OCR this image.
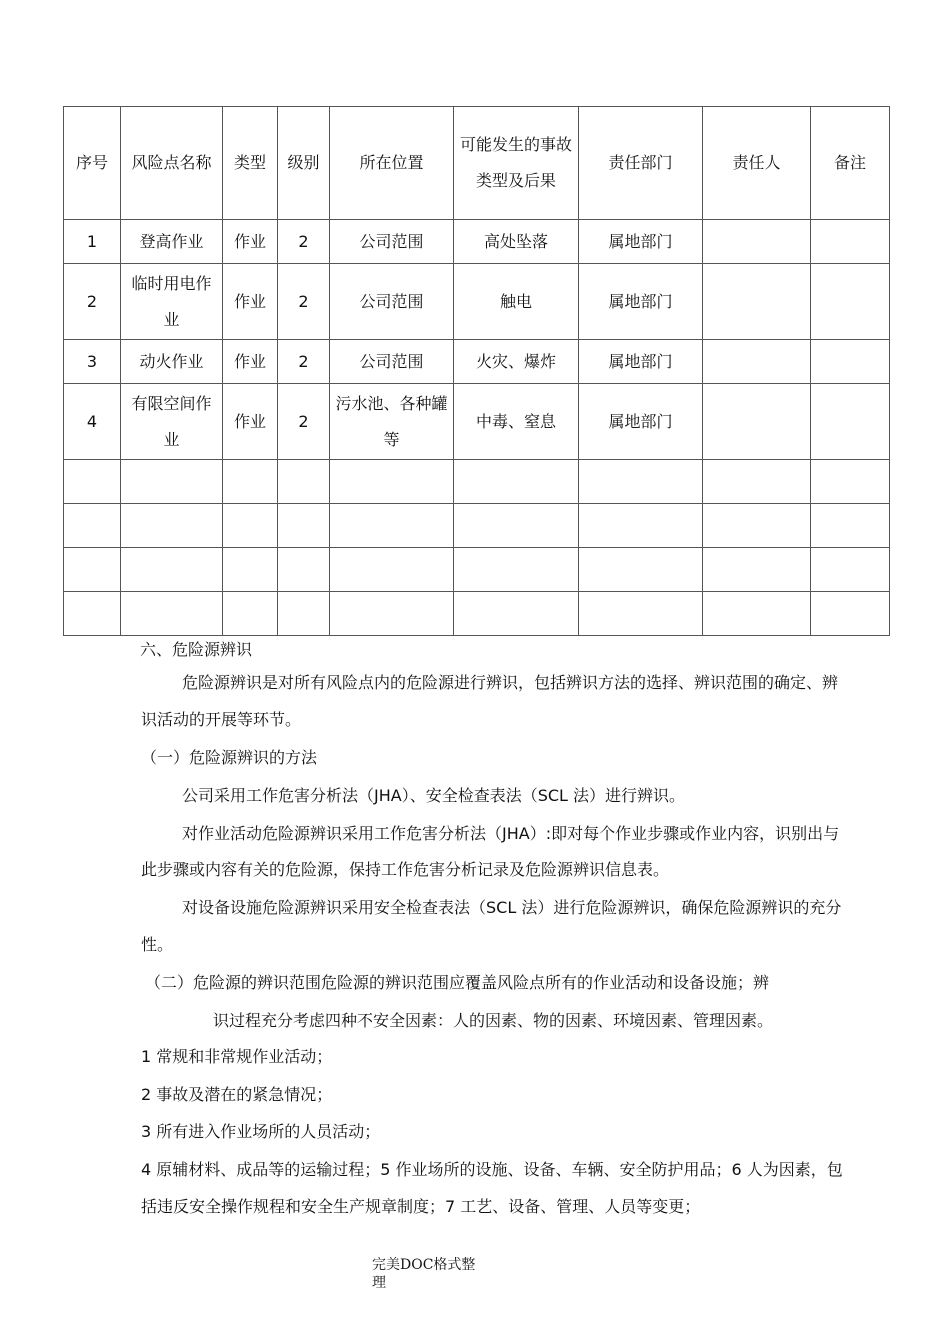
序号	风险点名称	类型	级别	所在位置	可能发生的事故类型及后果	责任部门	责任人	备注
1	登高作业	作业	2	公司范围	高处坠落	属地部门		
2	临时用电作业	作业	2	公司范围	触电	属地部门		
3	动火作业	作业	2	公司范围	火灾、爆炸	属地部门		
4	有限空间作业	作业	2	污水池、各种罐等	中毒、窒息	属地部门		

六、危险源辨识
危险源辨识是对所有风险点内的危险源进行辨识，包括辨识方法的选择、辨识范围的确定、辨
识活动的开展等环节。
（一）危险源辨识的方法
公司采用工作危害分析法（JHA）、安全检查表法（SCL 法）进行辨识。
对作业活动危险源辨识采用工作危害分析法（JHA）:即对每个作业步骤或作业内容，识别出与
此步骤或内容有关的危险源，保持工作危害分析记录及危险源辨识信息表。
对设备设施危险源辨识采用安全检查表法（SCL 法）进行危险源辨识，确保危险源辨识的充分
性。
（二）危险源的辨识范围危险源的辨识范围应覆盖风险点所有的作业活动和设备设施；辨
识过程充分考虑四种不安全因素：人的因素、物的因素、环境因素、管理因素。
1 常规和非常规作业活动；
2 事故及潜在的紧急情况；
3 所有进入作业场所的人员活动；
4 原辅材料、成品等的运输过程；5 作业场所的设施、设备、车辆、安全防护用品；6 人为因素，包
括违反安全操作规程和安全生产规章制度；7 工艺、设备、管理、人员等变更；
完美DOC格式整
理
